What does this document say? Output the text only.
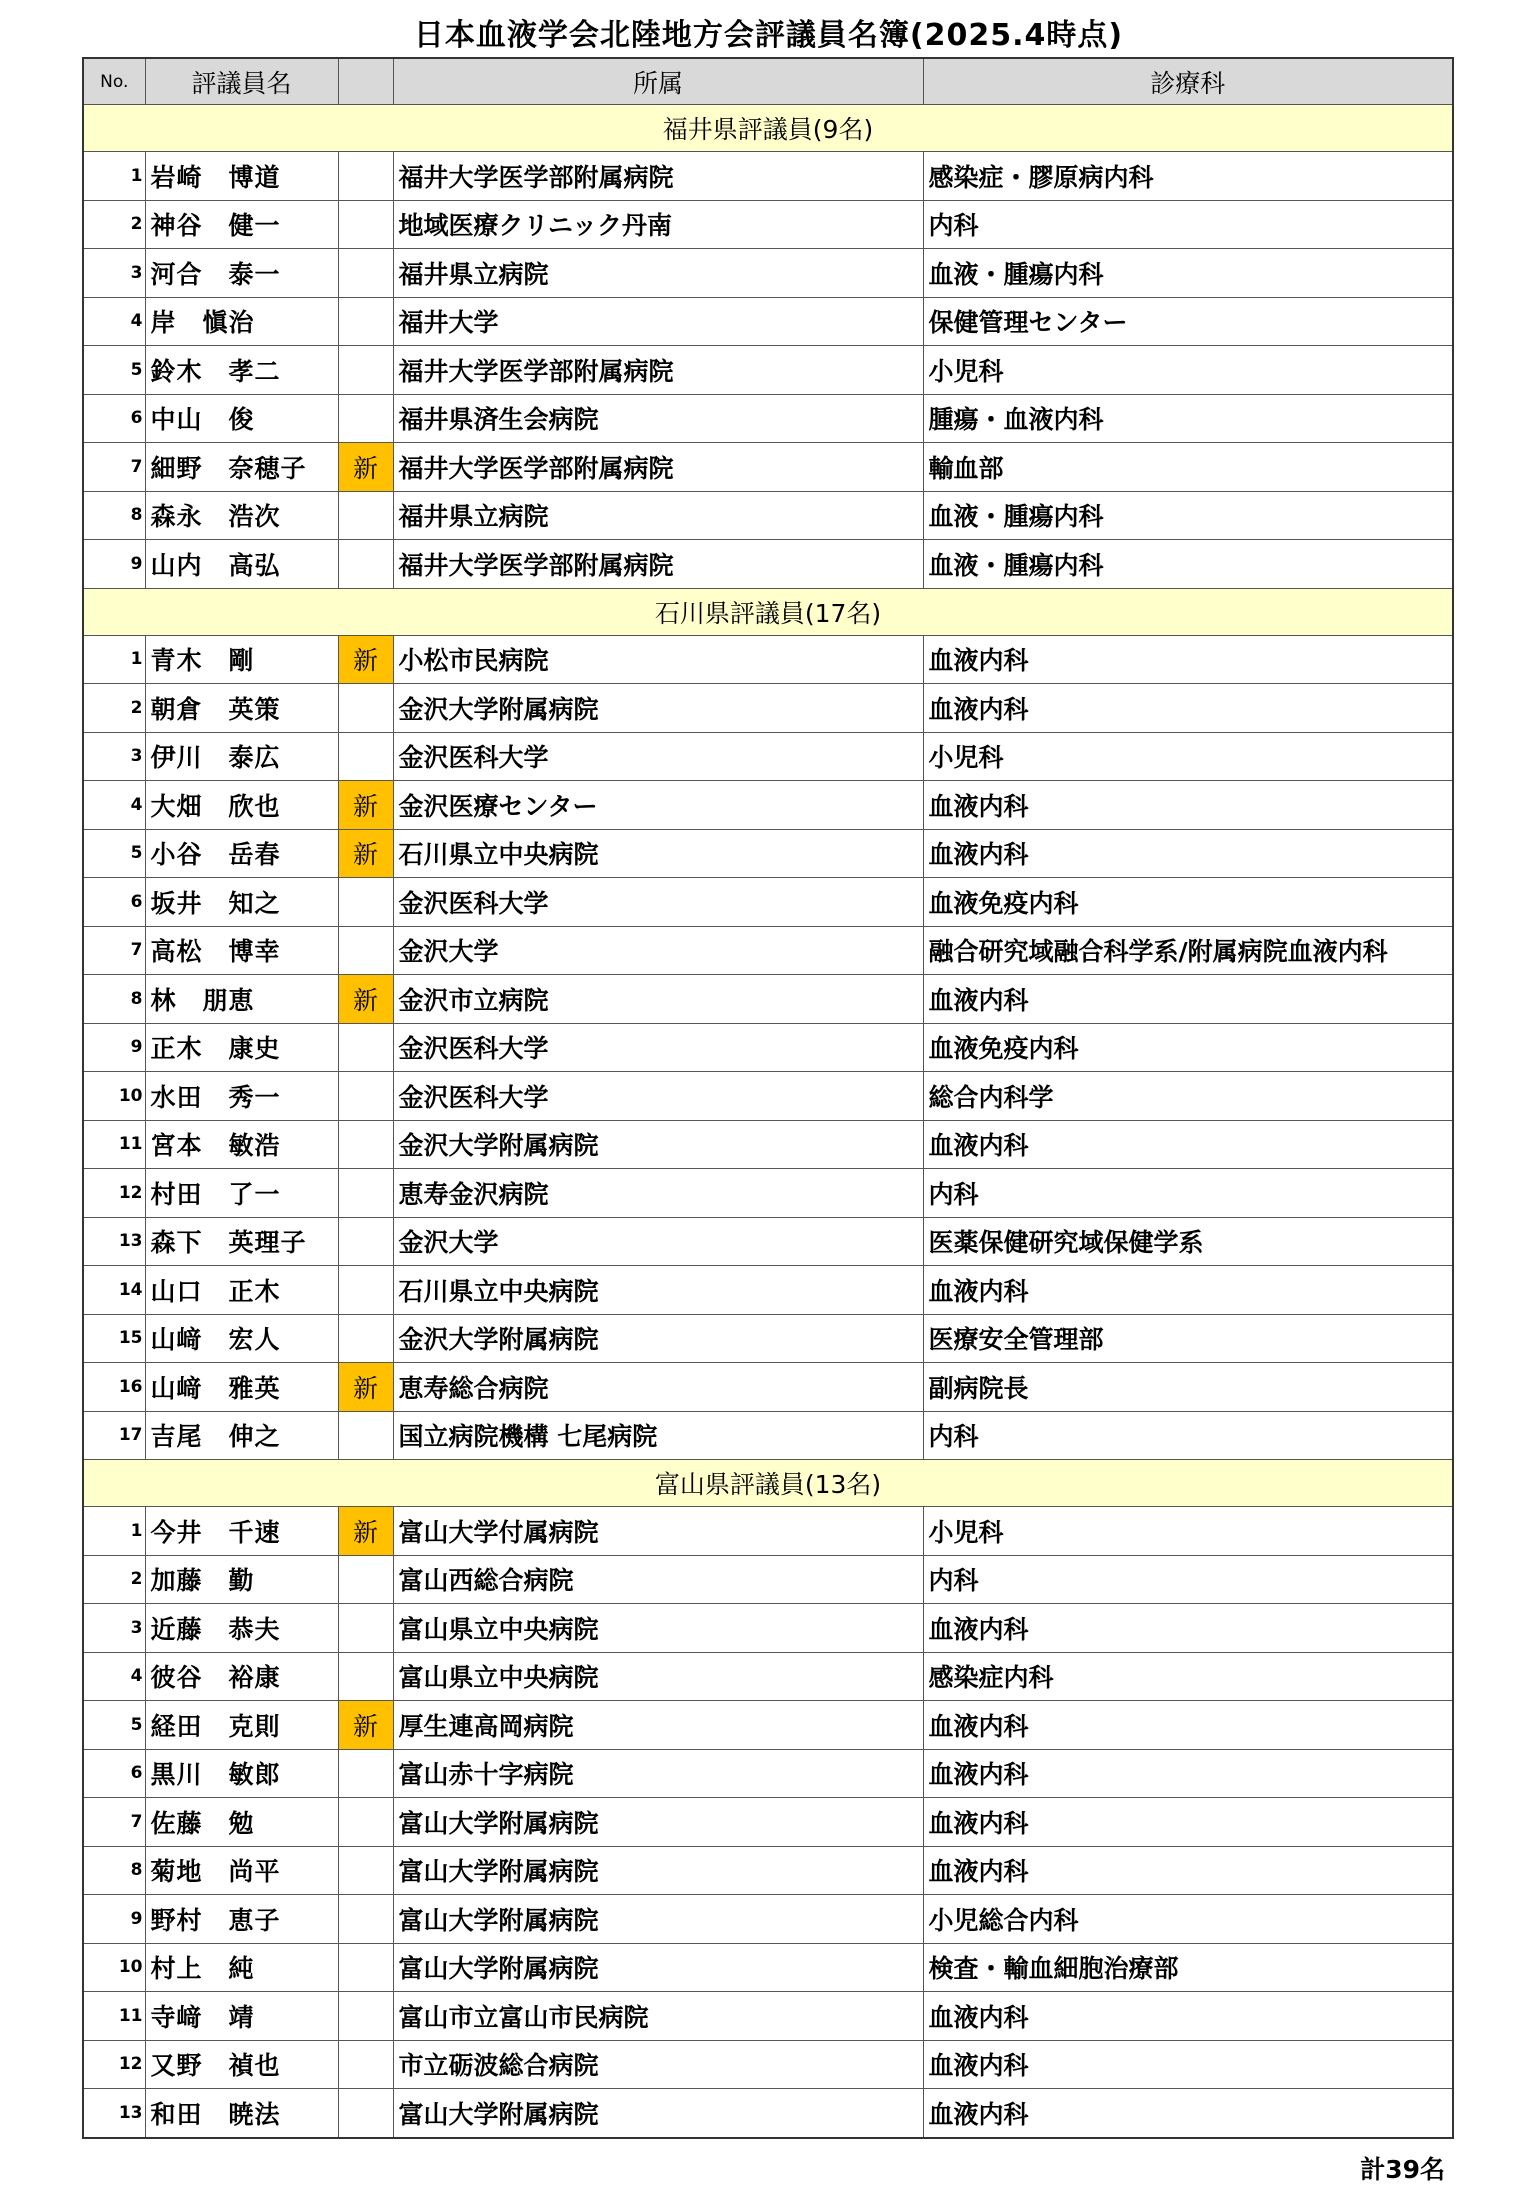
日本血液学会北陸地方会評議員名簿(2025.4時点)
No.	評議員名		所属	診療科
福井県評議員(9名)				
1	岩崎　博道		福井大学医学部附属病院	感染症・膠原病内科
2	神谷　健一		地域医療クリニック丹南	内科
3	河合　泰一		福井県立病院	血液・腫瘍内科
4	岸　愼治		福井大学	保健管理センター
5	鈴木　孝二		福井大学医学部附属病院	小児科
6	中山　俊		福井県済生会病院	腫瘍・血液内科
7	細野　奈穂子	新	福井大学医学部附属病院	輸血部
8	森永　浩次		福井県立病院	血液・腫瘍内科
9	山内　高弘		福井大学医学部附属病院	血液・腫瘍内科
石川県評議員(17名)				
1	青木　剛	新	小松市民病院	血液内科
2	朝倉　英策		金沢大学附属病院	血液内科
3	伊川　泰広		金沢医科大学	小児科
4	大畑　欣也	新	金沢医療センター	血液内科
5	小谷　岳春	新	石川県立中央病院	血液内科
6	坂井　知之		金沢医科大学	血液免疫内科
7	高松　博幸		金沢大学	融合研究域融合科学系/附属病院血液内科
8	林　朋恵	新	金沢市立病院	血液内科
9	正木　康史		金沢医科大学	血液免疫内科
10	水田　秀一		金沢医科大学	総合内科学
11	宮本　敏浩		金沢大学附属病院	血液内科
12	村田　了一		恵寿金沢病院	内科
13	森下　英理子		金沢大学	医薬保健研究域保健学系
14	山口　正木		石川県立中央病院	血液内科
15	山﨑　宏人		金沢大学附属病院	医療安全管理部
16	山﨑　雅英	新	恵寿総合病院	副病院長
17	吉尾　伸之		国立病院機構 七尾病院	内科
富山県評議員(13名)				
1	今井　千速	新	富山大学付属病院	小児科
2	加藤　勤		富山西総合病院	内科
3	近藤　恭夫		富山県立中央病院	血液内科
4	彼谷　裕康		富山県立中央病院	感染症内科
5	経田　克則	新	厚生連高岡病院	血液内科
6	黒川　敏郎		富山赤十字病院	血液内科
7	佐藤　勉		富山大学附属病院	血液内科
8	菊地　尚平		富山大学附属病院	血液内科
9	野村　恵子		富山大学附属病院	小児総合内科
10	村上　純		富山大学附属病院	検査・輸血細胞治療部
11	寺﨑　靖		富山市立富山市民病院	血液内科
12	又野　禎也		市立砺波総合病院	血液内科
13	和田　暁法		富山大学附属病院	血液内科
計39名
